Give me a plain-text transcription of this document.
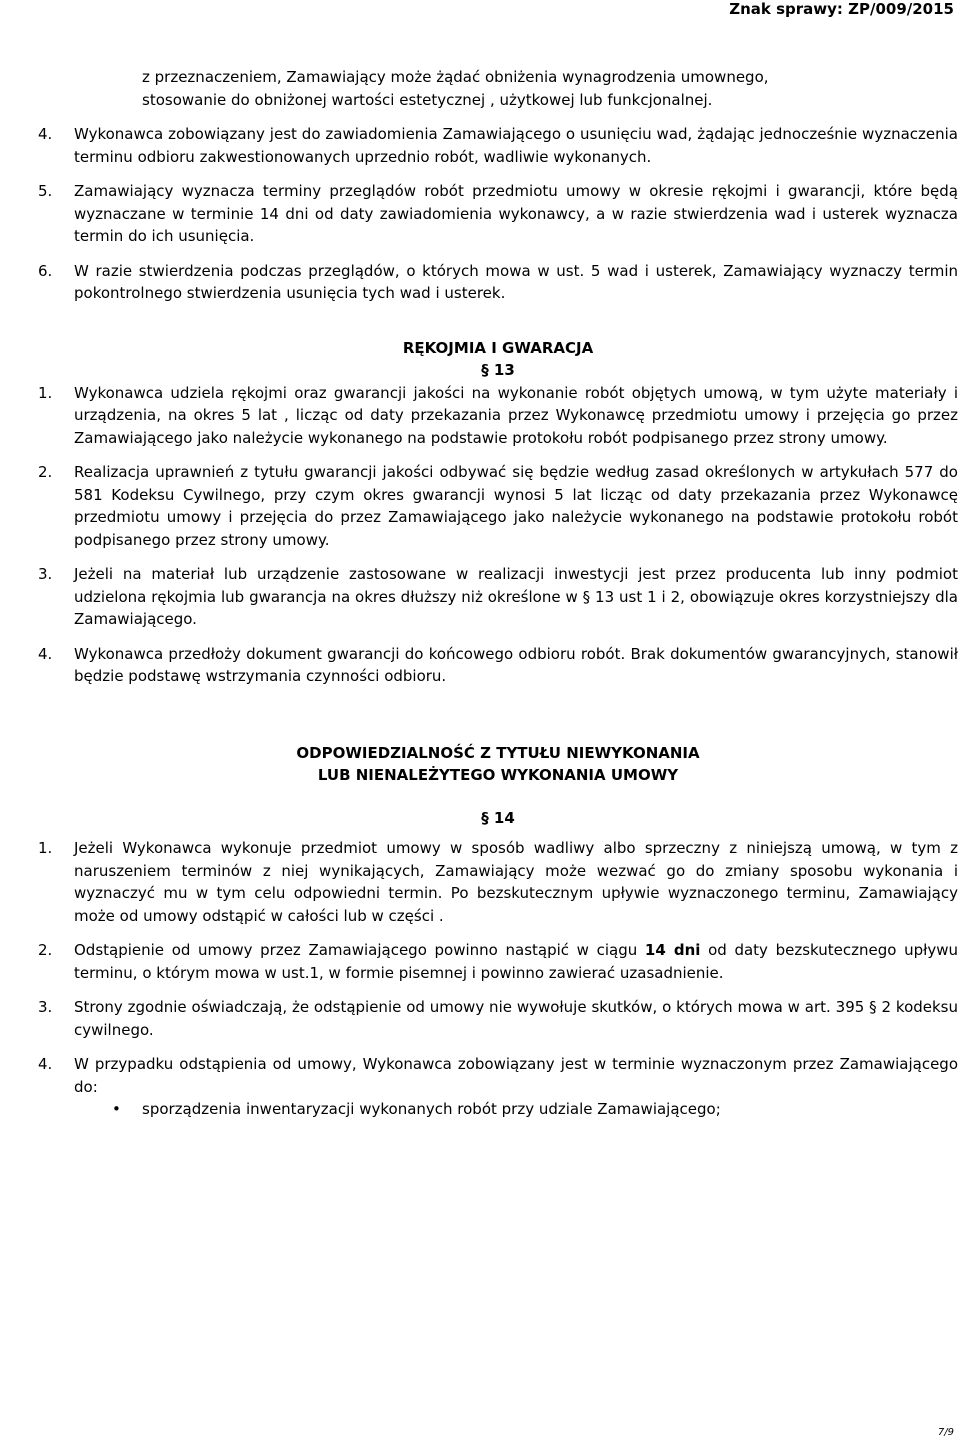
Znak sprawy: ZP/009/2015
z przeznaczeniem, Zamawiający może żądać obniżenia wynagrodzenia umownego,
stosowanie do obniżonej wartości estetycznej , użytkowej lub funkcjonalnej.
4. Wykonawca zobowiązany jest do zawiadomienia Zamawiającego o usunięciu wad, żądając jednocześnie wyznaczenia terminu odbioru zakwestionowanych uprzednio robót, wadliwie wykonanych.
5. Zamawiający wyznacza terminy przeglądów robót przedmiotu umowy w okresie rękojmi i gwarancji, które będą wyznaczane w terminie 14 dni od daty zawiadomienia wykonawcy, a w razie stwierdzenia wad i usterek wyznacza termin do ich usunięcia.
6. W razie stwierdzenia podczas przeglądów, o których mowa w ust. 5 wad i usterek, Zamawiający wyznaczy termin pokontrolnego stwierdzenia usunięcia tych wad i usterek.
RĘKOJMIA I GWARACJA
§ 13
1. Wykonawca udziela rękojmi oraz gwarancji jakości na wykonanie robót objętych umową, w tym użyte materiały i urządzenia, na okres 5 lat , licząc od daty przekazania przez Wykonawcę przedmiotu umowy i przejęcia go przez Zamawiającego jako należycie wykonanego na podstawie protokołu robót podpisanego przez strony umowy.
2. Realizacja uprawnień z tytułu gwarancji jakości odbywać się będzie według zasad określonych w artykułach 577 do 581 Kodeksu Cywilnego, przy czym okres gwarancji wynosi 5 lat licząc od daty przekazania przez Wykonawcę przedmiotu umowy i przejęcia do przez Zamawiającego jako należycie wykonanego na podstawie protokołu robót podpisanego przez strony umowy.
3. Jeżeli na materiał lub urządzenie zastosowane w realizacji inwestycji jest przez producenta lub inny podmiot udzielona rękojmia lub gwarancja na okres dłuższy niż określone w § 13 ust 1 i 2, obowiązuje okres korzystniejszy dla Zamawiającego.
4. Wykonawca przedłoży dokument gwarancji do końcowego odbioru robót. Brak dokumentów gwarancyjnych, stanowił będzie podstawę wstrzymania czynności odbioru.
ODPOWIEDZIALNOŚĆ Z TYTUŁU NIEWYKONANIA
LUB NIENALEŻYTEGO WYKONANIA UMOWY
§ 14
1. Jeżeli Wykonawca wykonuje przedmiot umowy w sposób wadliwy albo sprzeczny z niniejszą umową, w tym z naruszeniem terminów z niej wynikających, Zamawiający może wezwać go do zmiany sposobu wykonania i wyznaczyć mu w tym celu odpowiedni termin. Po bezskutecznym upływie wyznaczonego terminu, Zamawiający może od umowy odstąpić w całości lub w części .
2. Odstąpienie od umowy przez Zamawiającego powinno nastąpić w ciągu 14 dni od daty bezskutecznego upływu terminu, o którym mowa w ust.1, w formie pisemnej i powinno zawierać uzasadnienie.
3. Strony zgodnie oświadczają, że odstąpienie od umowy nie wywołuje skutków, o których mowa w art. 395 § 2 kodeksu cywilnego.
4. W przypadku odstąpienia od umowy, Wykonawca zobowiązany jest w terminie wyznaczonym przez Zamawiającego do:
• sporządzenia inwentaryzacji wykonanych robót przy udziale Zamawiającego;
7/9
